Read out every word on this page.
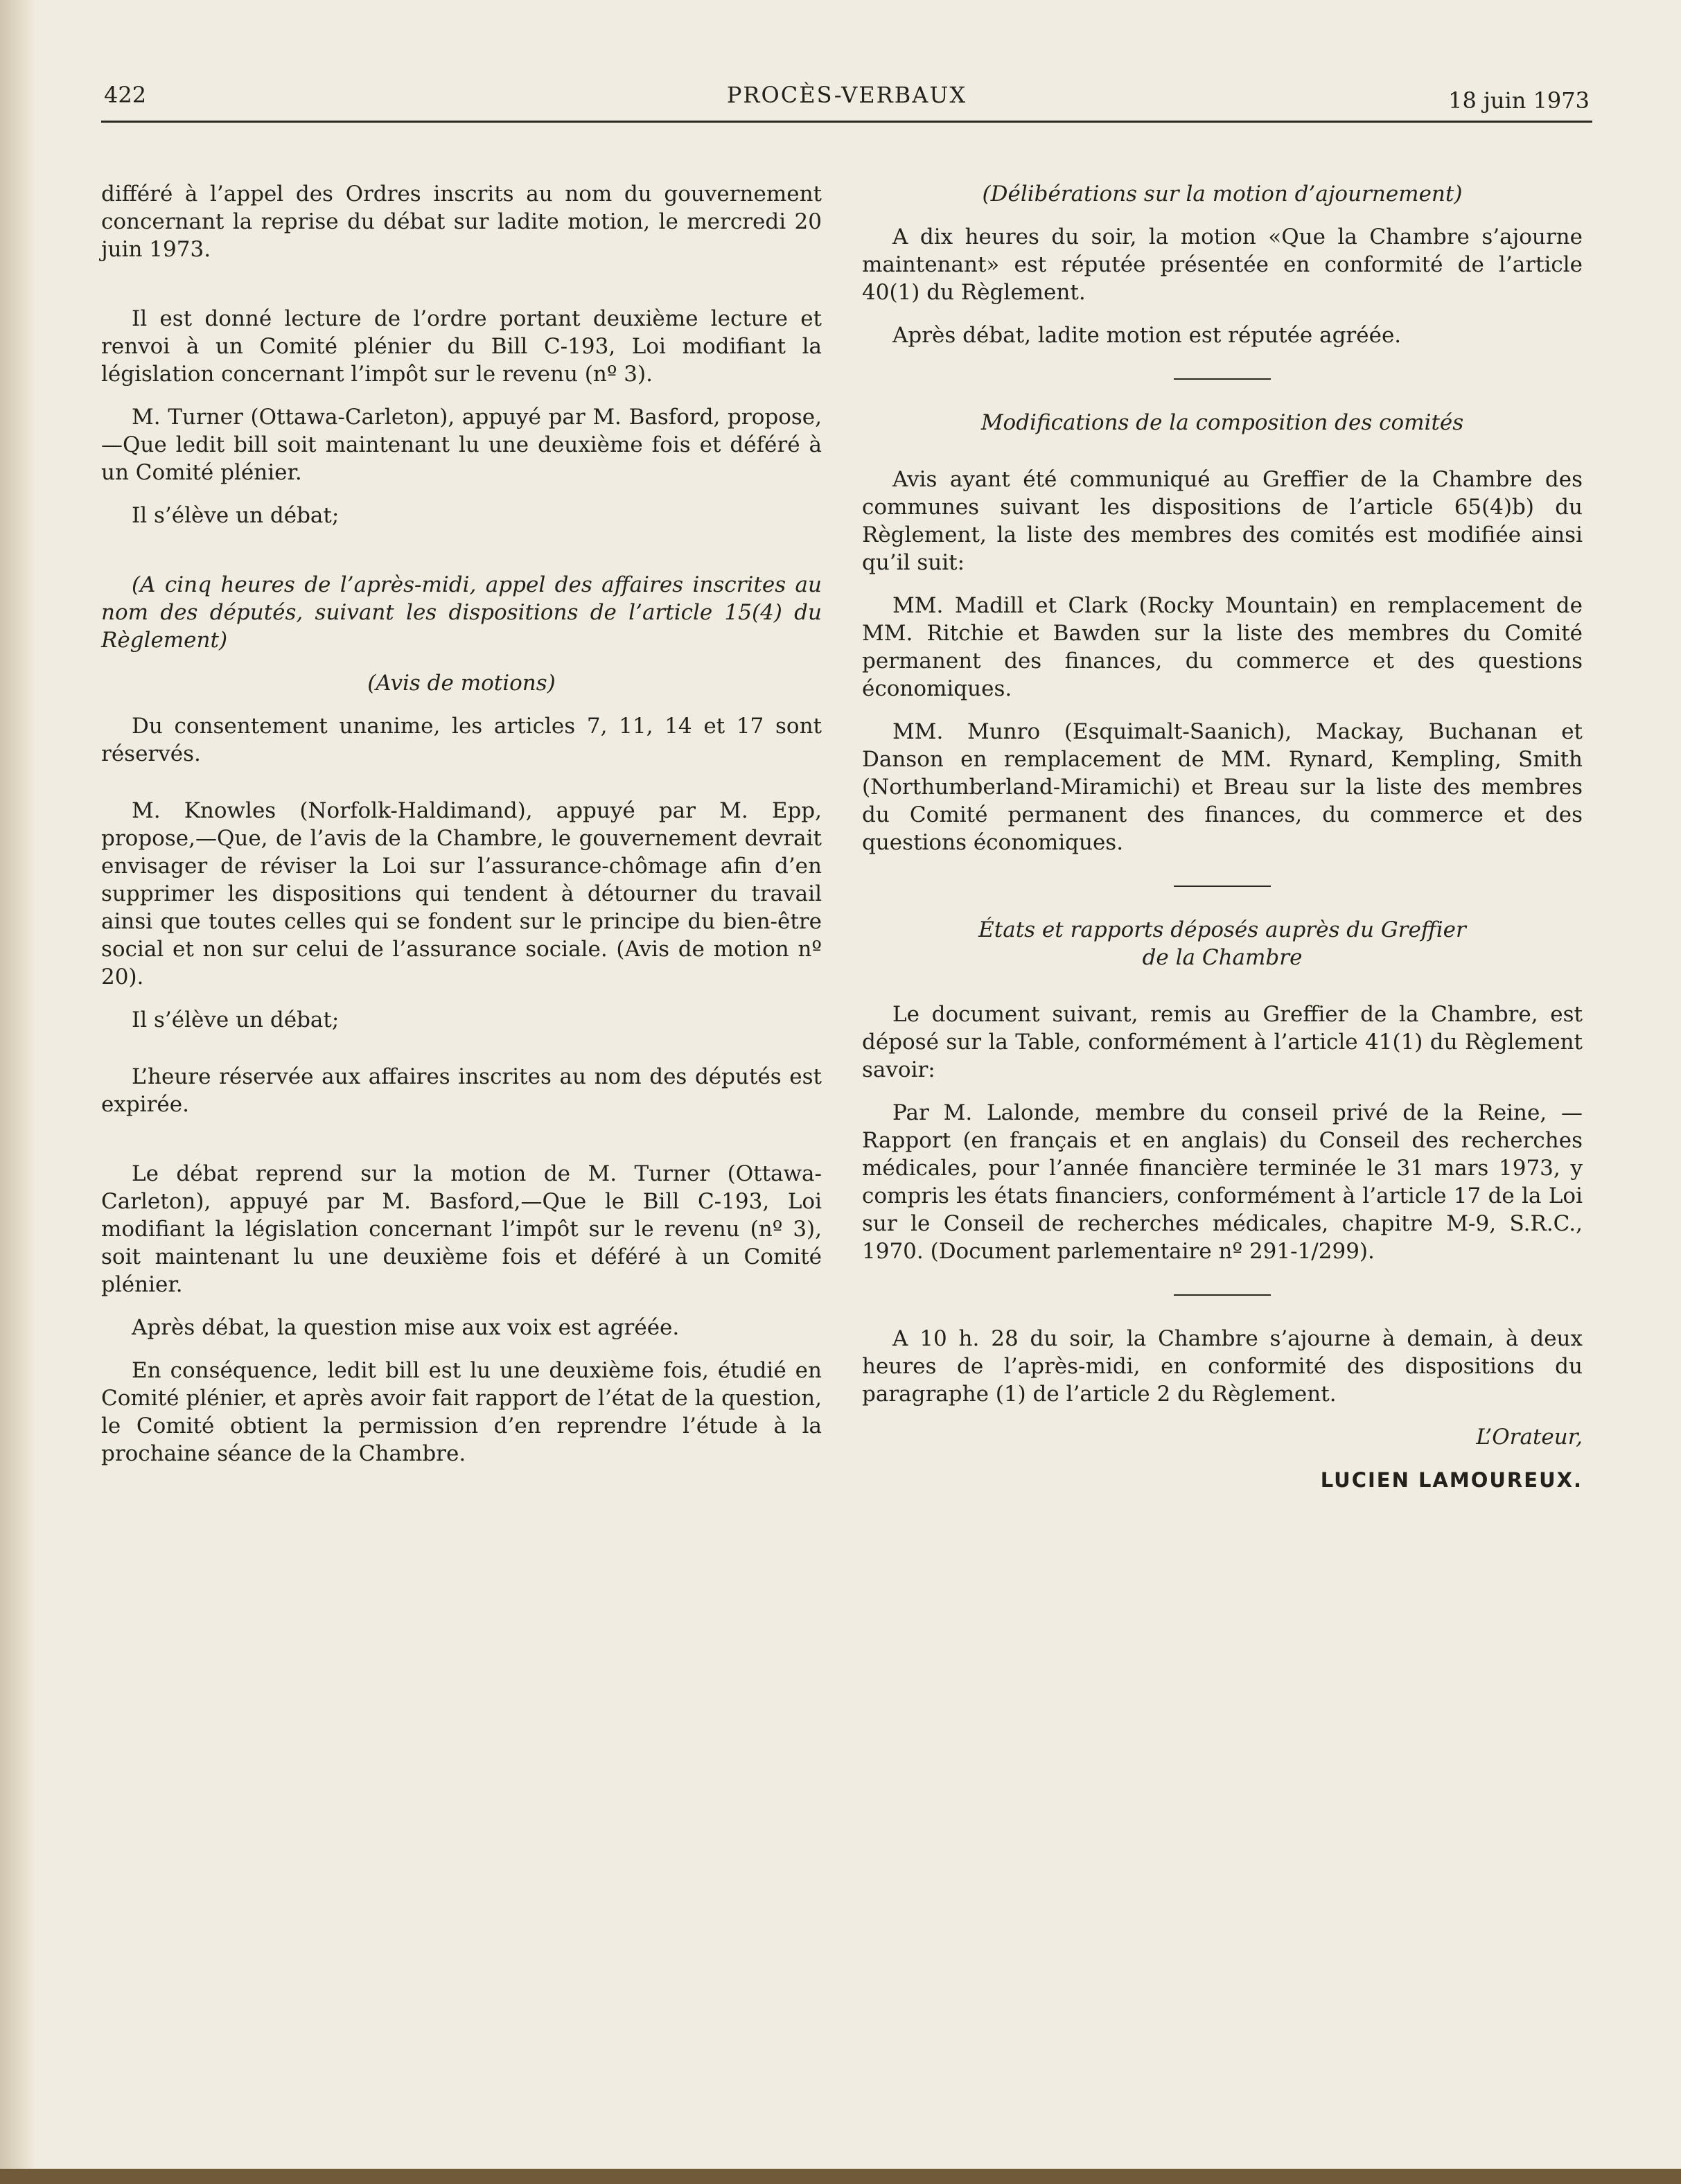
422	PROCÈS-VERBAUX	18 juin 1973

différé à l’appel des Ordres inscrits au nom du gouvernement concernant la reprise du débat sur ladite motion, le mercredi 20 juin 1973.

Il est donné lecture de l’ordre portant deuxième lecture et renvoi à un Comité plénier du Bill C-193, Loi modifiant la législation concernant l’impôt sur le revenu (nº 3).

M. Turner (Ottawa-Carleton), appuyé par M. Basford, propose,—Que ledit bill soit maintenant lu une deuxième fois et déféré à un Comité plénier.

Il s’élève un débat;

(A cinq heures de l’après-midi, appel des affaires inscrites au nom des députés, suivant les dispositions de l’article 15(4) du Règlement)

(Avis de motions)

Du consentement unanime, les articles 7, 11, 14 et 17 sont réservés.

M. Knowles (Norfolk-Haldimand), appuyé par M. Epp, propose,—Que, de l’avis de la Chambre, le gouvernement devrait envisager de réviser la Loi sur l’assurance-chômage afin d’en supprimer les dispositions qui tendent à détourner du travail ainsi que toutes celles qui se fondent sur le principe du bien-être social et non sur celui de l’assurance sociale. (Avis de motion nº 20).

Il s’élève un débat;

L’heure réservée aux affaires inscrites au nom des députés est expirée.

Le débat reprend sur la motion de M. Turner (Ottawa-Carleton), appuyé par M. Basford,—Que le Bill C-193, Loi modifiant la législation concernant l’impôt sur le revenu (nº 3), soit maintenant lu une deuxième fois et déféré à un Comité plénier.

Après débat, la question mise aux voix est agréée.

En conséquence, ledit bill est lu une deuxième fois, étudié en Comité plénier, et après avoir fait rapport de l’état de la question, le Comité obtient la permission d’en reprendre l’étude à la prochaine séance de la Chambre.

(Délibérations sur la motion d’ajournement)

A dix heures du soir, la motion «Que la Chambre s’ajourne maintenant» est réputée présentée en conformité de l’article 40(1) du Règlement.

Après débat, ladite motion est réputée agréée.

Modifications de la composition des comités

Avis ayant été communiqué au Greffier de la Chambre des communes suivant les dispositions de l’article 65(4)b) du Règlement, la liste des membres des comités est modifiée ainsi qu’il suit:

MM. Madill et Clark (Rocky Mountain) en remplacement de MM. Ritchie et Bawden sur la liste des membres du Comité permanent des finances, du commerce et des questions économiques.

MM. Munro (Esquimalt-Saanich), Mackay, Buchanan et Danson en remplacement de MM. Rynard, Kempling, Smith (Northumberland-Miramichi) et Breau sur la liste des membres du Comité permanent des finances, du commerce et des questions économiques.

États et rapports déposés auprès du Greffier de la Chambre

Le document suivant, remis au Greffier de la Chambre, est déposé sur la Table, conformément à l’article 41(1) du Règlement savoir:

Par M. Lalonde, membre du conseil privé de la Reine, —Rapport (en français et en anglais) du Conseil des recherches médicales, pour l’année financière terminée le 31 mars 1973, y compris les états financiers, conformément à l’article 17 de la Loi sur le Conseil de recherches médicales, chapitre M-9, S.R.C., 1970. (Document parlementaire nº 291-1/299).

A 10 h. 28 du soir, la Chambre s’ajourne à demain, à deux heures de l’après-midi, en conformité des dispositions du paragraphe (1) de l’article 2 du Règlement.

L’Orateur,

LUCIEN LAMOUREUX.
